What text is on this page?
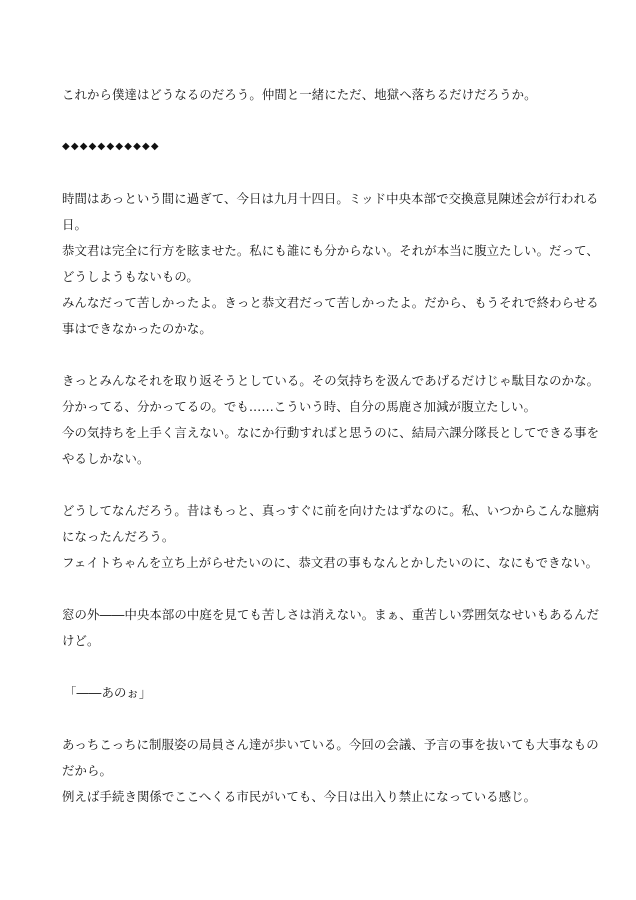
これから僕達はどうなるのだろう。仲間と一緒にただ、地獄へ落ちるだけだろうか。
◆◆◆◆◆◆◆◆◆◆◆
時間はあっという間に過ぎて、今日は九月十四日。ミッド中央本部で交換意見陳述会が行われる
日。
恭文君は完全に行方を眩ませた。私にも誰にも分からない。それが本当に腹立たしい。だって、
どうしようもないもの。
みんなだって苦しかったよ。きっと恭文君だって苦しかったよ。だから、もうそれで終わらせる
事はできなかったのかな。
きっとみんなそれを取り返そうとしている。その気持ちを汲んであげるだけじゃ駄目なのかな。
分かってる、分かってるの。でも……こういう時、自分の馬鹿さ加減が腹立たしい。
今の気持ちを上手く言えない。なにか行動すればと思うのに、結局六課分隊長としてできる事を
やるしかない。
どうしてなんだろう。昔はもっと、真っすぐに前を向けたはずなのに。私、いつからこんな臆病
になったんだろう。
フェイトちゃんを立ち上がらせたいのに、恭文君の事もなんとかしたいのに、なにもできない。
窓の外――中央本部の中庭を見ても苦しさは消えない。まぁ、重苦しい雰囲気なせいもあるんだ
けど。
「――あのぉ」
あっちこっちに制服姿の局員さん達が歩いている。今回の会議、予言の事を抜いても大事なもの
だから。
例えば手続き関係でここへくる市民がいても、今日は出入り禁止になっている感じ。
